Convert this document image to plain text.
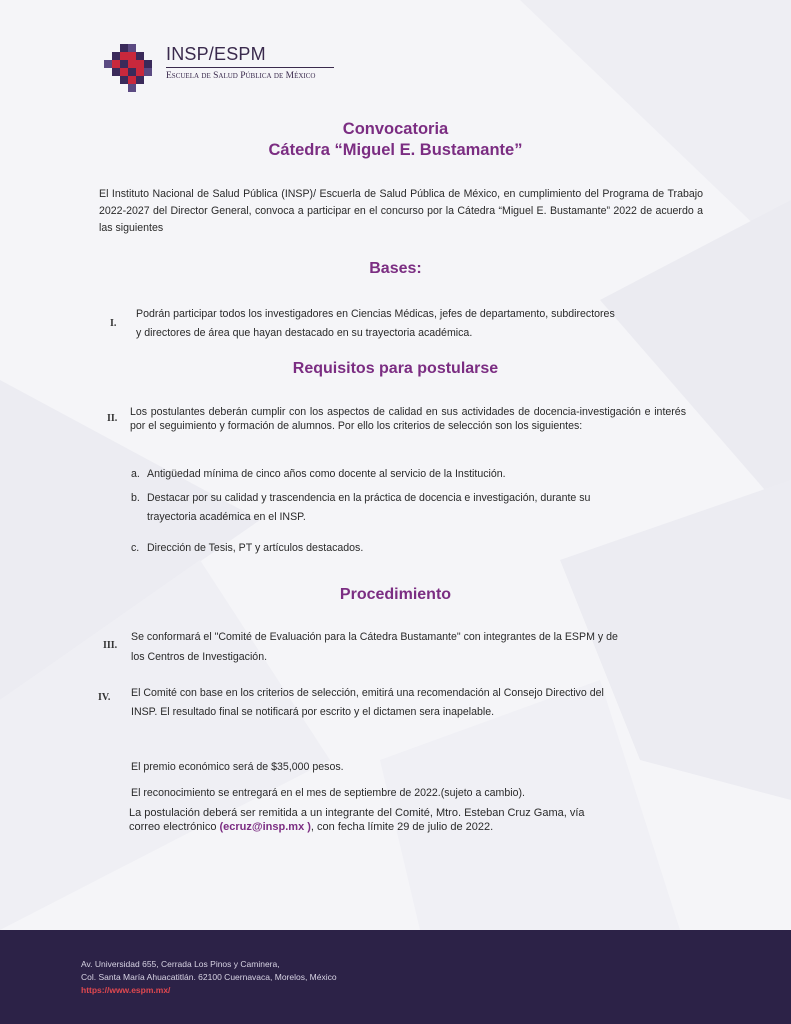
INSP/ESPM
Escuela de Salud Pública de México
Convocatoria
Cátedra “Miguel E. Bustamante”
El Instituto Nacional de Salud Pública (INSP)/ Escuerla de Salud Pública de México, en cumplimiento del Programa de Trabajo 2022-2027 del Director General, convoca a participar en el concurso por la Cátedra “Miguel E. Bustamante” 2022 de acuerdo a las siguientes
Bases:
I.
Podrán participar todos los investigadores en Ciencias Médicas, jefes de departamento, subdirectores
y directores de área que hayan destacado en su trayectoria académica.
Requisitos para postularse
II.
Los postulantes deberán cumplir con los aspectos de calidad en sus actividades de docencia-investigación e interés por el seguimiento y formación de alumnos. Por ello los criterios de selección son los siguientes:
a. Antigüedad mínima de cinco años como docente al servicio de la Institución.
b. Destacar por su calidad y trascendencia en la práctica de docencia e investigación, durante su
trayectoria académica en el INSP.
c. Dirección de Tesis, PT y artículos destacados.
Procedimiento
III.
Se conformará el "Comité de Evaluación para la Cátedra Bustamante" con integrantes de la ESPM y de
los Centros de Investigación.
IV. El Comité con base en los criterios de selección, emitirá una recomendación al Consejo Directivo del
INSP. El resultado final se notificará por escrito y el dictamen sera inapelable.
El premio económico será de $35,000 pesos.
El reconocimiento se entregará en el mes de septiembre de 2022.(sujeto a cambio).
La postulación deberá ser remitida a un integrante del Comité, Mtro. Esteban Cruz Gama, vía
correo electrónico (ecruz@insp.mx ), con fecha límite 29 de julio de 2022.
Av. Universidad 655, Cerrada Los Pinos y Caminera,
Col. Santa María Ahuacatitlán. 62100 Cuernavaca, Morelos, México
https://www.espm.mx/
